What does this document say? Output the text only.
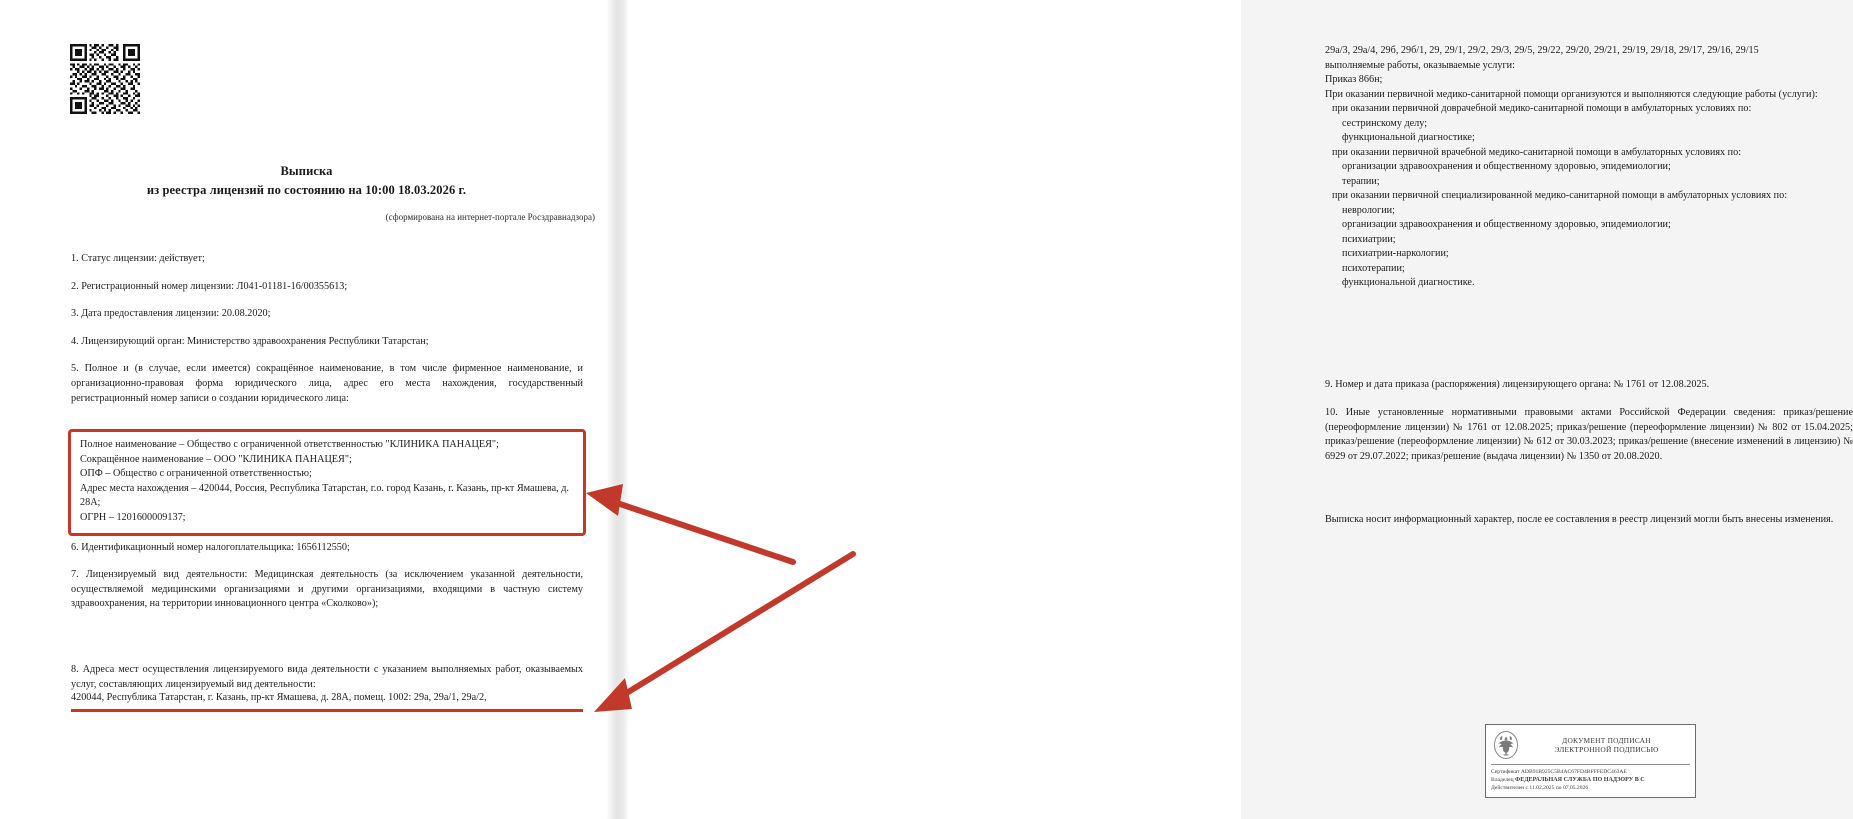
Выписка
из реестра лицензий по состоянию на 10:00 18.03.2026 г.
(сформирована на интернет-портале Росздравнадзора)

1. Статус лицензии: действует;

2. Регистрационный номер лицензии: Л041-01181-16/00355613;

3. Дата предоставления лицензии: 20.08.2020;

4. Лицензирующий орган: Министерство здравоохранения Республики Татарстан;

5. Полное и (в случае, если имеется) сокращённое наименование, в том числе фирменное наименование, и организационно-правовая форма юридического лица, адрес его места нахождения, государственный регистрационный номер записи о создании юридического лица:

Полное наименование – Общество с ограниченной ответственностью "КЛИНИКА ПАНАЦЕЯ";
Сокращённое наименование – ООО "КЛИНИКА ПАНАЦЕЯ";
ОПФ – Общество с ограниченной ответственностью;
Адрес места нахождения – 420044, Россия, Республика Татарстан, г.о. город Казань, г. Казань, пр-кт Ямашева, д. 28А;
ОГРН – 1201600009137;
6. Идентификационный номер налогоплательщика: 1656112550;
7. Лицензируемый вид деятельности: Медицинская деятельность (за исключением указанной деятельности, осуществляемой медицинскими организациями и другими организациями, входящими в частную систему здравоохранения, на территории инновационного центра «Сколково»);
8. Адреса мест осуществления лицензируемого вида деятельности с указанием выполняемых работ, оказываемых услуг, составляющих лицензируемый вид деятельности:
420044, Республика Татарстан, г. Казань, пр-кт Ямашева, д. 28А, помещ. 1002: 29а, 29а/1, 29а/2,

29а/3, 29а/4, 29б, 29б/1, 29, 29/1, 29/2, 29/3, 29/5, 29/22, 29/20, 29/21, 29/19, 29/18, 29/17, 29/16, 29/15

выполняемые работы, оказываемые услуги:

Приказ 866н;

При оказании первичной медико-санитарной помощи организуются и выполняются следующие работы (услуги):

при оказании первичной доврачебной медико-санитарной помощи в амбулаторных условиях по:

сестринскому делу;

функциональной диагностике;

при оказании первичной врачебной медико-санитарной помощи в амбулаторных условиях по:

организации здравоохранения и общественному здоровью, эпидемиологии;

терапии;

при оказании первичной специализированной медико-санитарной помощи в амбулаторных условиях по:

неврологии;

организации здравоохранения и общественному здоровью, эпидемиологии;

психиатрии;

психиатрии-наркологии;

психотерапии;

функциональной диагностике.

9. Номер и дата приказа (распоряжения) лицензирующего органа: № 1761 от 12.08.2025.
10. Иные установленные нормативными правовыми актами Российской Федерации сведения: приказ/решение (переоформление лицензии) № 1761 от 12.08.2025; приказ/решение (переоформление лицензии) № 802 от 15.04.2025; приказ/решение (переоформление лицензии) № 612 от 30.03.2023; приказ/решение (внесение изменений в лицензию) № 6929 от 29.07.2022; приказ/решение (выдача лицензии) № 1350 от 20.08.2020.
Выписка носит информационный характер, после ее составления в реестр лицензий могли быть внесены изменения.
ДОКУМЕНТ ПОДПИСАН
ЭЛЕКТРОННОЙ ПОДПИСЬЮ
Сертификат ADB91B925C5B4AC67FD4BFFFEDC463AE
Владелец ФЕДЕРАЛЬНАЯ СЛУЖБА ПО НАДЗОРУ В С
Действителен с 11.02.2025 по 07.05.2026
